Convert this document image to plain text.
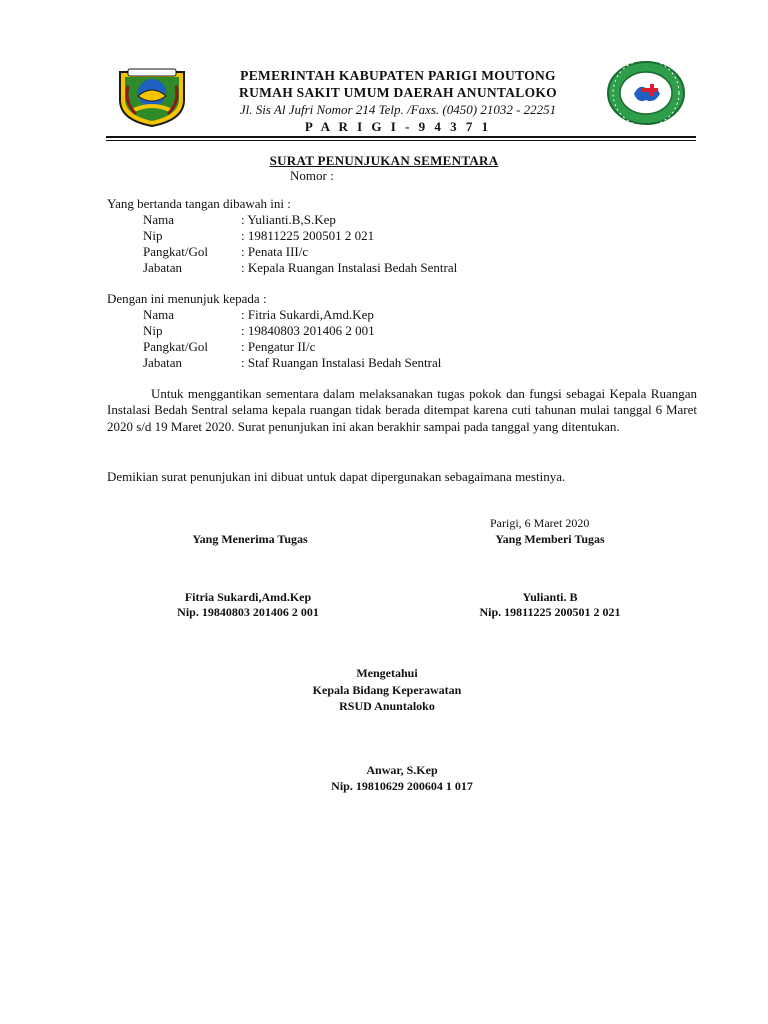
PEMERINTAH KABUPATEN PARIGI MOUTONG
RUMAH SAKIT UMUM DAERAH ANUNTALOKO
Jl. Sis Al Jufri Nomor 214 Telp. /Faxs. (0450) 21032 - 22251
P A R I G I - 9 4 3 7 1
SURAT PENUNJUKAN SEMENTARA
Nomor :
Yang bertanda tangan dibawah ini :
Nama	: Yulianti.B,S.Kep
Nip	: 19811225 200501 2 021
Pangkat/Gol	: Penata III/c
Jabatan	: Kepala Ruangan Instalasi Bedah Sentral
Dengan ini menunjuk kepada :
Nama	: Fitria Sukardi,Amd.Kep
Nip	: 19840803 201406 2 001
Pangkat/Gol	: Pengatur II/c
Jabatan	: Staf Ruangan Instalasi Bedah Sentral
Untuk menggantikan sementara dalam melaksanakan tugas pokok dan fungsi sebagai Kepala Ruangan Instalasi Bedah Sentral selama kepala ruangan tidak berada ditempat karena cuti tahunan mulai tanggal 6 Maret 2020 s/d 19 Maret 2020. Surat penunjukan ini akan berakhir sampai pada tanggal yang ditentukan.
Demikian surat penunjukan ini dibuat untuk dapat dipergunakan sebagaimana mestinya.
Parigi, 6 Maret 2020
Yang Menerima Tugas	Yang Memberi Tugas
Fitria Sukardi,Amd.Kep
Nip. 19840803 201406 2 001
Yulianti. B
Nip. 19811225 200501 2 021
Mengetahui
Kepala Bidang Keperawatan
RSUD Anuntaloko
Anwar, S.Kep
Nip. 19810629 200604 1 017
